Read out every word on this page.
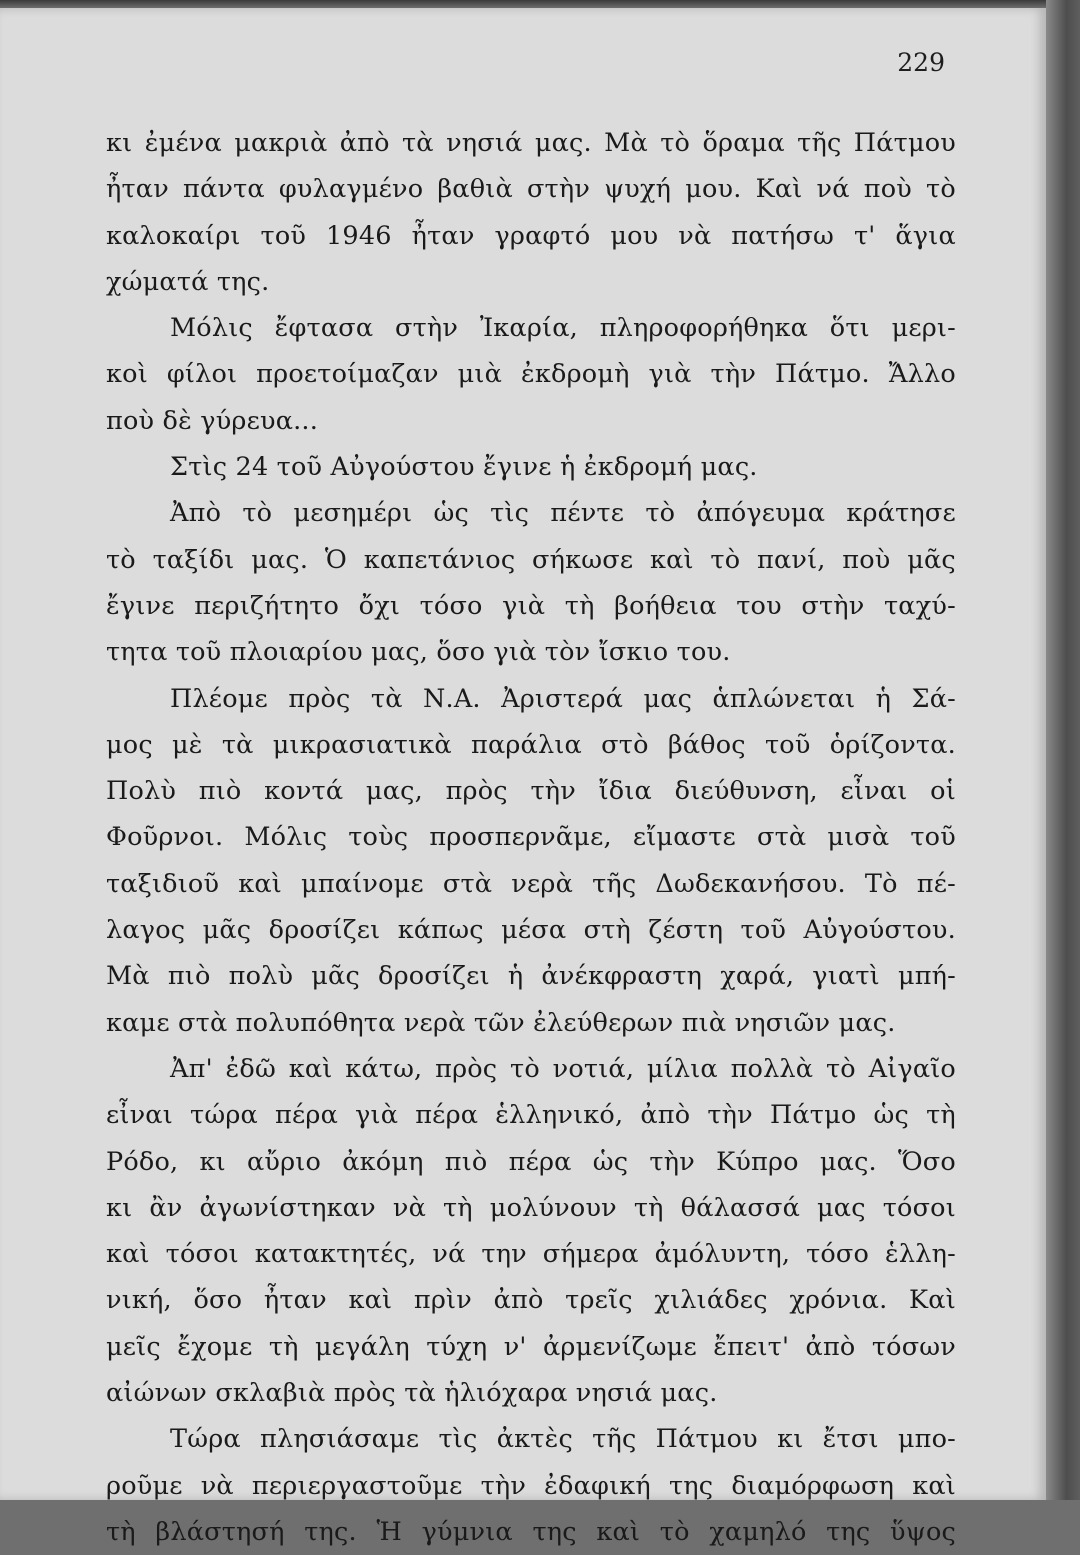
229
κι ἐμένα μακριὰ ἀπὸ τὰ νησιά μας. Μὰ τὸ ὅραμα τῆς Πάτμου
ἦταν πάντα φυλαγμένο βαθιὰ στὴν ψυχή μου. Καὶ νά ποὺ τὸ
καλοκαίρι τοῦ 1946 ἦταν γραφτό μου νὰ πατήσω τ' ἅγια
χώματά της.
Μόλις ἔφτασα στὴν Ἰκαρία, πληροφορήθηκα ὅτι μερι-
κοὶ φίλοι προετοίμαζαν μιὰ ἐκδρομὴ γιὰ τὴν Πάτμο. Ἄλλο
ποὺ δὲ γύρευα...
Στὶς 24 τοῦ Αὐγούστου ἔγινε ἡ ἐκδρομή μας.
Ἀπὸ τὸ μεσημέρι ὡς τὶς πέντε τὸ ἀπόγευμα κράτησε
τὸ ταξίδι μας. Ὁ καπετάνιος σήκωσε καὶ τὸ πανί, ποὺ μᾶς
ἔγινε περιζήτητο ὄχι τόσο γιὰ τὴ βοήθεια του στὴν ταχύ-
τητα τοῦ πλοιαρίου μας, ὅσο γιὰ τὸν ἴσκιο του.
Πλέομε πρὸς τὰ Ν.Α. Ἀριστερά μας ἁπλώνεται ἡ Σά-
μος μὲ τὰ μικρασιατικὰ παράλια στὸ βάθος τοῦ ὁρίζοντα.
Πολὺ πιὸ κοντά μας, πρὸς τὴν ἴδια διεύθυνση, εἶναι οἱ
Φοῦρνοι. Μόλις τοὺς προσπερνᾶμε, εἴμαστε στὰ μισὰ τοῦ
ταξιδιοῦ καὶ μπαίνομε στὰ νερὰ τῆς Δωδεκανήσου. Τὸ πέ-
λαγος μᾶς δροσίζει κάπως μέσα στὴ ζέστη τοῦ Αὐγούστου.
Μὰ πιὸ πολὺ μᾶς δροσίζει ἡ ἀνέκφραστη χαρά, γιατὶ μπή-
καμε στὰ πολυπόθητα νερὰ τῶν ἐλεύθερων πιὰ νησιῶν μας.
Ἀπ' ἐδῶ καὶ κάτω, πρὸς τὸ νοτιά, μίλια πολλὰ τὸ Αἰγαῖο
εἶναι τώρα πέρα γιὰ πέρα ἑλληνικό, ἀπὸ τὴν Πάτμο ὡς τὴ
Ρόδο, κι αὔριο ἀκόμη πιὸ πέρα ὡς τὴν Κύπρο μας. Ὅσο
κι ἂν ἀγωνίστηκαν νὰ τὴ μολύνουν τὴ θάλασσά μας τόσοι
καὶ τόσοι κατακτητές, νά την σήμερα ἀμόλυντη, τόσο ἑλλη-
νική, ὅσο ἦταν καὶ πρὶν ἀπὸ τρεῖς χιλιάδες χρόνια. Καὶ
μεῖς ἔχομε τὴ μεγάλη τύχη ν' ἀρμενίζωμε ἔπειτ' ἀπὸ τόσων
αἰώνων σκλαβιὰ πρὸς τὰ ἡλιόχαρα νησιά μας.
Τώρα πλησιάσαμε τὶς ἀκτὲς τῆς Πάτμου κι ἔτσι μπο-
ροῦμε νὰ περιεργαστοῦμε τὴν ἐδαφική της διαμόρφωση καὶ
τὴ βλάστησή της. Ἡ γύμνια της καὶ τὸ χαμηλό της ὕψος
